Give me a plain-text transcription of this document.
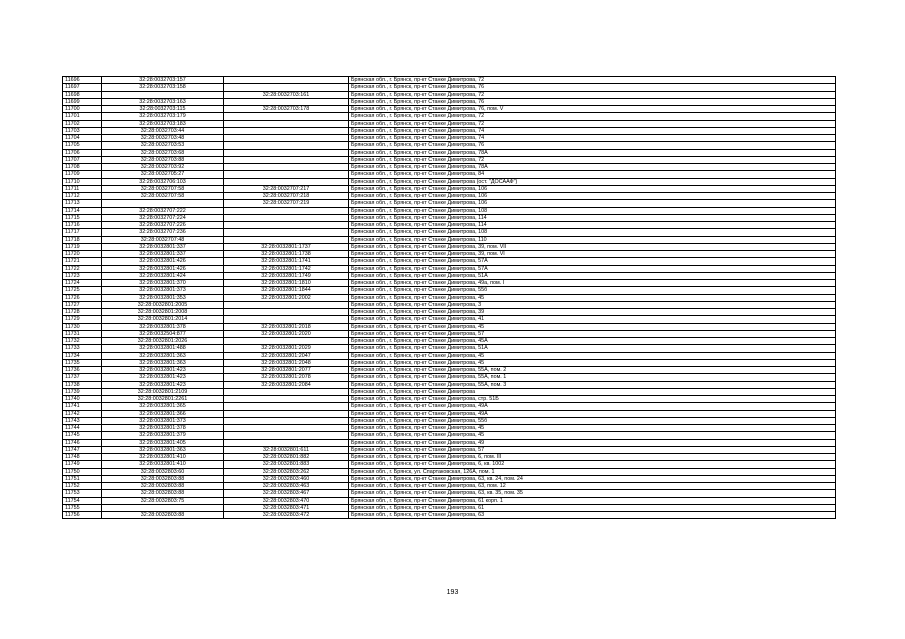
11696	32:28:0032703:157		Брянская обл., г. Брянск, пр-кт Станке Димитрова, 72
11697	32:28:0032703:158		Брянская обл., г. Брянск, пр-кт Станке Димитрова, 76
11698		32:28:0032703:161	Брянская обл., г. Брянск, пр-кт Станке Димитрова, 72
11699	32:28:0032703:163		Брянская обл., г. Брянск, пр-кт Станке Димитрова, 76
11700	32:28:0032703:115	32:28:0032703:178	Брянская обл., г. Брянск, пр-кт Станке Димитрова, 76, пом. V
11701	32:28:0032703:179		Брянская обл., г. Брянск, пр-кт Станке Димитрова, 72
11702	32:28:0032703:183		Брянская обл., г. Брянск, пр-кт Станке Димитрова, 72
11703	32:28:0032703:44		Брянская обл., г. Брянск, пр-кт Станке Димитрова, 74
11704	32:28:0032703:48		Брянская обл., г. Брянск, пр-кт Станке Димитрова, 74
11705	32:28:0032703:53		Брянская обл., г. Брянск, пр-кт Станке Димитрова, 76
11706	32:28:0032703:68		Брянская обл., г. Брянск, пр-кт Станке Димитрова, 78А
11707	32:28:0032703:88		Брянская обл., г. Брянск, пр-кт Станке Димитрова, 72
11708	32:28:0032703:92		Брянская обл., г. Брянск, пр-кт Станке Димитрова, 78А
11709	32:28:0032705:27		Брянская обл., г. Брянск, пр-кт Станке Димитрова, 84
11710	32:28:0032706:103		Брянская обл., г. Брянск, пр-кт Станке Димитрова (ост. "ДОСААФ")
11711	32:28:0032707:58	32:28:0032707:217	Брянская обл., г. Брянск, пр-кт Станке Димитрова, 106
11712	32:28:0032707:58	32:28:0032707:218	Брянская обл., г. Брянск, пр-кт Станке Димитрова, 106
11713		32:28:0032707:219	Брянская обл., г. Брянск, пр-кт Станке Димитрова, 106
11714	32:28:0032707:222		Брянская обл., г. Брянск, пр-кт Станке Димитрова, 108
11715	32:28:0032707:224		Брянская обл., г. Брянск, пр-кт Станке Димитрова, 114
11716	32:28:0032707:226		Брянская обл., г. Брянск, пр-кт Станке Димитрова, 114
11717	32:28:0032707:236		Брянская обл., г. Брянск, пр-кт Станке Димитрова, 108
11718	32:28:0032707:48		Брянская обл., г. Брянск, пр-кт Станке Димитрова, 110
11719	32:28:0032801:337	32:28:0032801:1737	Брянская обл., г. Брянск, пр-кт Станке Димитрова, 39, пом. VII
11720	32:28:0032801:337	32:28:0032801:1738	Брянская обл., г. Брянск, пр-кт Станке Димитрова, 39, пом. VI
11721	32:28:0032801:426	32:28:0032801:1741	Брянская обл., г. Брянск, пр-кт Станке Димитрова, 57А
11722	32:28:0032801:426	32:28:0032801:1742	Брянская обл., г. Брянск, пр-кт Станке Димитрова, 57А
11723	32:28:0032801:424	32:28:0032801:1749	Брянская обл., г. Брянск, пр-кт Станке Димитрова, 51А
11724	32:28:0032801:370	32:28:0032801:1810	Брянская обл., г. Брянск, пр-кт Станке Димитрова, 49а, пом. I
11725	32:28:0032801:373	32:28:0032801:1844	Брянская обл., г. Брянск, пр-кт Станке Димитрова, 55б
11726	32:28:0032801:353	32:28:0032801:2002	Брянская обл., г. Брянск, пр-кт Станке Димитрова, 45
11727	32:28:0032801:2005		Брянская обл., г. Брянск, пр-кт Станке Димитрова, 3
11728	32:28:0032801:2008		Брянская обл., г. Брянск, пр-кт Станке Димитрова, 39
11729	32:28:0032801:2014		Брянская обл., г. Брянск, пр-кт Станке Димитрова, 41
11730	32:28:0032801:378	32:28:0032801:2018	Брянская обл., г. Брянск, пр-кт Станке Димитрова, 45
11731	32:28:0032504:877	32:28:0032801:2020	Брянская обл., г. Брянск, пр-кт Станке Димитрова, 57
11732	32:28:0032801:2026		Брянская обл., г. Брянск, пр-кт Станке Димитрова, 45А
11733	32:28:0032801:488	32:28:0032801:2029	Брянская обл., г. Брянск, пр-кт Станке Димитрова, 51А
11734	32:28:0032801:363	32:28:0032801:2047	Брянская обл., г. Брянск, пр-кт Станке Димитрова, 45
11735	32:28:0032801:363	32:28:0032801:2048	Брянская обл., г. Брянск, пр-кт Станке Димитрова, 45
11736	32:28:0032801:423	32:28:0032801:2077	Брянская обл., г. Брянск, пр-кт Станке Димитрова, 55А, пом. 2
11737	32:28:0032801:423	32:28:0032801:2078	Брянская обл., г. Брянск, пр-кт Станке Димитрова, 55А, пом. 1
11738	32:28:0032801:423	32:28:0032801:2084	Брянская обл., г. Брянск, пр-кт Станке Димитрова, 55А, пом. 3
11739	32:28:0032801:2109		Брянская обл., г. Брянск, пр-кт Станке Димитрова
11740	32:28:0032801:2261		Брянская обл., г. Брянск, пр-кт Станке Димитрова, стр. 51Б
11741	32:28:0032801:365		Брянская обл., г. Брянск, пр-кт Станке Димитрова, 49А
11742	32:28:0032801:366		Брянская обл., г. Брянск, пр-кт Станке Димитрова, 49А
11743	32:28:0032801:373		Брянская обл., г. Брянск, пр-кт Станке Димитрова, 55б
11744	32:28:0032801:378		Брянская обл., г. Брянск, пр-кт Станке Димитрова, 45
11745	32:28:0032801:379		Брянская обл., г. Брянск, пр-кт Станке Димитрова, 45
11746	32:28:0032801:405		Брянская обл., г. Брянск, пр-кт Станке Димитрова, 49
11747	32:28:0032801:363	32:28:0032801:611	Брянская обл., г. Брянск, пр-кт Станке Димитрова, 57
11748	32:28:0032801:410	32:28:0032801:882	Брянская обл., г. Брянск, пр-кт Станке Димитрова, 6, пом. III
11749	32:28:0032801:410	32:28:0032801:883	Брянская обл., г. Брянск, пр-кт Станке Димитрова, 6, кв. 1002
11750	32:28:0032803:60	32:28:0032803:262	Брянская обл., г. Брянск, ул. Спартаковская, 126А, пом. 1
11751	32:28:0032803:88	32:28:0032803:460	Брянская обл., г. Брянск, пр-кт Станке Димитрова, 63, кв. 24, пом. 24
11752	32:28:0032803:88	32:28:0032803:463	Брянская обл., г. Брянск, пр-кт Станке Димитрова, 63, пом. 12
11753	32:28:0032803:88	32:28:0032803:467	Брянская обл., г. Брянск, пр-кт Станке Димитрова, 63, кв. 35, пом. 35
11754	32:28:0032803:75	32:28:0032803:470	Брянская обл., г. Брянск, пр-кт Станке Димитрова, 61 корп. 1
11755		32:28:0032803:471	Брянская обл., г. Брянск, пр-кт Станке Димитрова, 61
11756	32:28:0032803:88	32:28:0032803:472	Брянская обл., г. Брянск, пр-кт Станке Димитрова, 63
193
